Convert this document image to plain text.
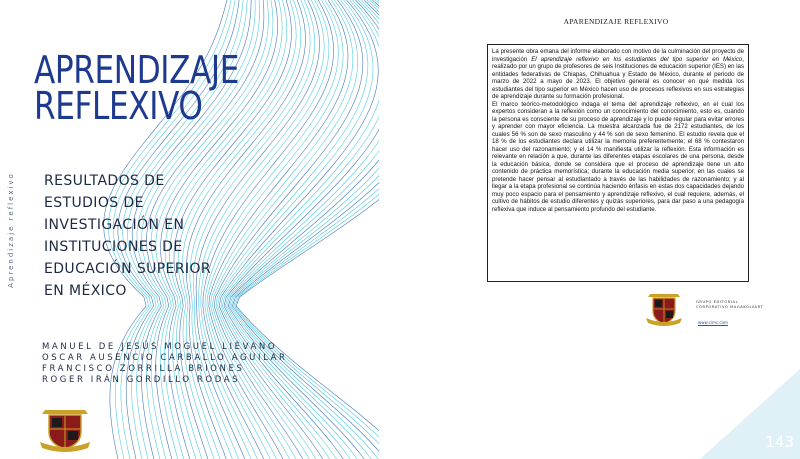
Aprendizaje reflexivo
APRENDIZAJE
REFLEXIVO
RESULTADOS DE
ESTUDIOS DE
INVESTIGACIÓN EN
INSTITUCIONES DE
EDUCACIÓN SUPERIOR
EN MÉXICO
MANUEL DE JESÚS MOGUEL LIÉVANO
OSCAR AUSENCIO CARBALLO AGUILAR
FRANCISCO ZORRILLA BRIONES
ROGER IRÁN GORDILLO RODAS
APARENDIZAJE REFLEXIVO

La presente obra emana del informe elaborado con motivo de la culminación del proyecto de investigación El aprendizaje reflexivo en los estudiantes del tipo superior en México, realizado por un grupo de profesores de seis Instituciones de educación superior (IES) en las entidades federativas de Chiapas, Chihuahua y Estado de México, durante el periodo de marzo de 2022 a mayo de 2023. El objetivo general es conocer en qué medida los estudiantes del tipo superior en México hacen uso de procesos reflexivos en sus estrategias de aprendizaje durante su formación profesional.

El marco teórico-metodológico indaga el tema del aprendizaje reflexivo, en el cual los expertos consideran a la reflexión como un conocimiento del conocimiento, esto es, cuando la persona es consciente de su proceso de aprendizaje y lo puede regular para evitar errores y aprender con mayor eficiencia. La muestra alcanzada fue de 2172 estudiantes, de los cuales 56 % son de sexo masculino y 44 % son de sexo femenino. El estudio revela que el 18 % de los estudiantes declara utilizar la memoria preferentemente; el 68 % contestaron hacer uso del razonamiento; y el 14 % manifiesta utilizar la reflexión. Esta información es relevante en relación a que, durante las diferentes etapas escolares de una persona, desde la educación básica, donde se considera que el proceso de aprendizaje tiene un alto contenido de práctica memorística; durante la educación media superior, en las cuales se pretende hacer pensar al estudiantado a través de las habilidades de razonamiento; y al llegar a la etapa profesional se continúa haciendo énfasis en estas dos capacidades dejando muy poco espacio para el pensamiento y aprendizaje reflexivo, el cual requiere, además, el cultivo de hábitos de estudio diferentes y quizás superiores, para dar paso a una pedagogía reflexiva que induce al pensamiento profundo del estudiante.

GRUPO EDITORIAL
CORPORATIVO MAGAKOLVART
www.cimc.com
143
